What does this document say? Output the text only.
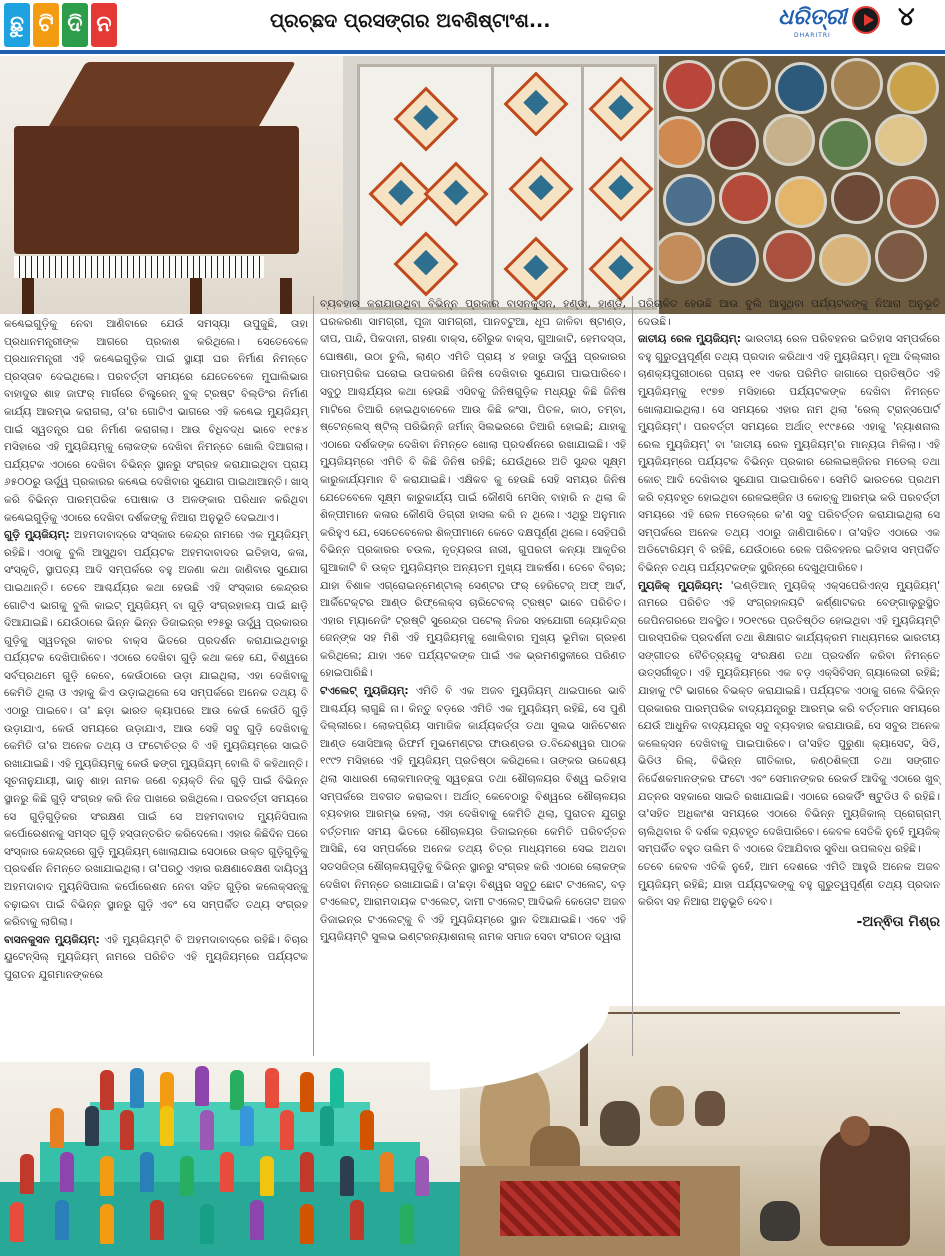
ଛୁ ଟି ଦି ନ	ପ୍ରଚ୍ଛଦ ପ୍ରସଙ୍ଗର ଅବଶିଷ୍ଟାଂଶ...	ଧରିତ୍ରୀ
DHARITRI
୪

କଣ୍ଢେଇଗୁଡ଼ିକୁ ନେବା ଆଣିବାରେ ଯେଉଁ ସମସ୍ୟା ଉପୁଜୁଛି, ତାହା ପ୍ରଧାନମନ୍ତ୍ରୀଙ୍କ ଆଗରେ ପ୍ରକାଶ କରିଥିଲେ। ସେତେବେଳେ ପ୍ରଧାନମନ୍ତ୍ରୀ ଏହି କଣ୍ଢେଇଗୁଡ଼ିକ ପାଇଁ ସ୍ଥାୟୀ ଘର ନିର୍ମାଣ ନିମନ୍ତେ ପ୍ରସ୍ତାବ ଦେଇଥିଲେ। ପରବର୍ତ୍ତୀ ସମୟରେ ଯେତେବେଳେ ମୁଘାଲିଭାର ବାହାଦୁର ଶାହ ଜାଫର୍ ମାର୍ଗରେ ଚିଲ୍ଡ୍ରେନ୍ ବୁକ୍ ଟ୍ରଷ୍ଟ ବିଲ୍ଡିଂର ନିର୍ମାଣ କାର୍ଯ୍ୟ ଆରମ୍ଭ କରାଗଲା, ତା'ର ଗୋଟିଏ ଭାଗରେ ଏହି କଣ୍ଢେଇ ମ୍ୟୁଜିୟମ୍ ପାଇଁ ସ୍ୱତନ୍ତ୍ର ଘର ନିର୍ମାଣ କରାଗଲା। ଆଉ ବିଧିବଦ୍ଧ ଭାବେ ୧୯୫୪ ମସିହାରେ ଏହି ମ୍ୟୁଜିୟମ୍‌କୁ ଲୋକଙ୍କ ଦେଖିବା ନିମନ୍ତେ ଖୋଲି ଦିଆଗଲା। ପର୍ଯ୍ୟଟକ ଏଠାରେ ଦେଖିବା ବିଭିନ୍ନ ସ୍ଥାନରୁ ସଂଗ୍ରହ କରାଯାଇଥିବା ପ୍ରାୟ ୬୫୦୦ରୁ ଊର୍ଦ୍ଧ୍ୱ ପ୍ରକାରର କଣ୍ଢେଇ ଦେଖିବାର ସୁଯୋଗ ପାଇଥାଆନ୍ତି। ଖାସ୍ କରି ବିଭିନ୍ନ ପାରମ୍ପରିକ ପୋଷାକ ଓ ଅଳଙ୍କାର ପରିଧାନ କରିଥିବା କଣ୍ଢେଇଗୁଡ଼ିକୁ ଏଠାରେ ଦେଖିବା ଦର୍ଶକଙ୍କୁ ନିଆରା ଅନୁଭୂତି ଦେଇଥାଏ।

ଗୁଡ଼ି ମ୍ୟୁଜିୟମ୍: ଅହମଦାବାଦ୍‌ରେ ସଂସ୍କାର କେନ୍ଦ୍ର ନାମରେ ଏକ ମ୍ୟୁଜିୟମ୍ ରହିଛି। ଏଠାକୁ ବୁଲି ଆସୁଥିବା ପର୍ଯ୍ୟଟକ ଅହମଦାବାଦର ଇତିହାସ, କଳା, ସଂସ୍କୃତି, ସ୍ଥାପତ୍ୟ ଆଦି ସମ୍ପର୍କରେ ବହୁ ଅଜଣା କଥା ଜାଣିବାର ସୁଯୋଗ ପାଇଥାନ୍ତି। ତେବେ ଆଶ୍ଚର୍ଯ୍ୟର କଥା ହେଉଛି ଏହି ସଂସ୍କାର କେନ୍ଦ୍ରର ଗୋଟିଏ ଭାଗକୁ ବୁଲି କାଇଟ୍ ମ୍ୟୁଜିୟମ୍ ବା ଗୁଡ଼ି ସଂଗ୍ରହାଳୟ ପାଇଁ ଛାଡ଼ି ଦିଆଯାଇଛି। ଯେଉଁଠାରେ ଭିନ୍ନ ଭିନ୍ନ ଡିଜାଇନ୍‌ର ୧୨୫ରୁ ଊର୍ଦ୍ଧ୍ୱ ପ୍ରକାରର ଗୁଡ଼ିକୁ ସ୍ୱତନ୍ତ୍ର କାଚର ବାକ୍ସ ଭିତରେ ପ୍ରଦର୍ଶନ କରାଯାଇଥିବାରୁ ପର୍ଯ୍ୟଟକ ଦେଖିପାରିବେ। ଏଠାରେ ଦେଖିବା ଗୁଡ଼ି କଥା କହେ ଯେ, ବିଶ୍ୱରେ ସର୍ବପ୍ରଥମେ ଗୁଡ଼ି କେବେ, କେଉଁଠାରେ ଉଡ଼ା ଯାଇଥିଲା, ଏହା ଦେଖିବାକୁ କେମିତି ଥିଲା ଓ ଏହାକୁ କିଏ ଉଡ଼ାଇଥିଲେ ସେ ସମ୍ପର୍କରେ ଅନେକ ତଥ୍ୟ ବି ଏଠାରୁ ପାଇବେ। ତା' ଛଡ଼ା ଭାରତ କ୍ୟାପରେ ଆଉ କେଉଁ କେଉଁଠି ଗୁଡ଼ି ଉଡ଼ାଯାଏ, କେଉଁ ସମୟରେ ଉଡ଼ାଯାଏ, ଆଉ ସେହି ସବୁ ଗୁଡ଼ି ଦେଖିବାକୁ କେମିତି ତା'ର ଅନେକ ତଥ୍ୟ ଓ ଫଟୋଚିତ୍ର ବି ଏହି ମ୍ୟୁଜିୟମ୍‌ରେ ସାଇତି ରଖାଯାଇଛି। ଏହି ମ୍ୟୁଜିୟମ୍‌କୁ କେଉଁ ଢଙ୍ଗ ମ୍ୟୁଜିୟମ୍ ବୋଲି ବି କହିଥାନ୍ତି। ସୂଚନାନୁଯାୟୀ, ଭାନୁ ଶାହା ନାମକ ଜଣେ ବ୍ୟକ୍ତି ନିଜ ଗୁଡ଼ି ପାଇଁ ବିଭିନ୍ନ ସ୍ଥାନରୁ କିଛି ଗୁଡ଼ି ସଂଗ୍ରହ କରି ନିଜ ପାଖରେ ରଖିଥିଲେ। ପରବର୍ତ୍ତୀ ସମୟରେ ସେ ଗୁଡ଼ିଗୁଡ଼ିକର ସଂରକ୍ଷଣ ପାଇଁ ସେ ଅହମଦାବାଦ ମ୍ୟୁନିସିପାଲ କର୍ପୋରେଶନକୁ ସମସ୍ତ ଗୁଡ଼ି ହସ୍ତାନ୍ତରିତ କରିଦେଲେ। ଏହାର କିଛିଦିନ ପରେ ସଂସ୍କାର କେନ୍ଦ୍ରରେ ଗୁଡ଼ି ମ୍ୟୁଜିୟମ୍ ଖୋଲାଯାଇ ସେଠାରେ ଉକ୍ତ ଗୁଡ଼ିଗୁଡ଼ିକୁ ପ୍ରଦର୍ଶନ ନିମନ୍ତେ ରଖାଯାଇଥିଲା। ତା'ପରଠୁ ଏହାର ରକ୍ଷଣାବେକ୍ଷଣ ଦାୟିତ୍ୱ ଅହମଦାବାଦ ମ୍ୟୁନିସିପାଲ କର୍ପୋରେଶନ ନେବା ସହିତ ଗୁଡ଼ିର କଲେକ୍ସନ୍‌କୁ ବଢ଼ାଇବା ପାଇଁ ବିଭିନ୍ନ ସ୍ଥାନରୁ ଗୁଡ଼ି ଏବଂ ସେ ସମ୍ପର୍କିତ ତଥ୍ୟ ସଂଗ୍ରହ କରିବାକୁ ଲାଗିଲା।

ବାସନକୁସନ ମ୍ୟୁଜିୟମ୍: ଏହି ମ୍ୟୁଜିୟମ୍‌ଟି ବି ଅହମଦାବାଦ୍‌ରେ ରହିଛି। ବିଚାର ୟୁଟେନ୍‌ସିଲ୍ ମ୍ୟୁଜିୟମ୍ ନାମରେ ପରିଚିତ ଏହି ମ୍ୟୁଜିୟମ୍‌ରେ ପର୍ଯ୍ୟଟକ ପୁରାତନ ଯୁଗମାନଙ୍କରେ

ବ୍ୟବହାର କରାଯାଉଥିବା ବିଭିନ୍ନ ପ୍ରକାର ବାସନକୁସନ, ହଣ୍ଡା, ହାଣ୍ଡି, ଘରକରଣା ସାମଗ୍ରୀ, ପୂଜା ସାମଗ୍ରୀ, ପାନବଟୁଆ, ଧୂପ ଜାଳିବା ଷ୍ଟାଣ୍ଡ, ଦୀପ, ପାନ୍ଦି, ପିକଦାନୀ, ଗହଣା ବାକ୍ସ, ଚୌରୁକ ବାକ୍ସ, ଗୁଆକାଟି, ହେମଦସ୍ତା, ଘୋଷଣା, ଉଠା ଚୁଲି, ଲାଣ୍ଠ ଏମିତି ପ୍ରାୟ ୪ ହଜାରୁ ଊର୍ଦ୍ଧ୍ୱ ପ୍ରକାରର ପାରମ୍ପରିକ ଘରୋଇ ଉପକରଣ ଜିନିଷ ଦେଖିବାର ସୁଯୋଗ ପାଇପାରିବେ। ସବୁଠୁ ଆଶ୍ଚର୍ଯ୍ୟର କଥା ହେଉଛି ଏସିବକୁ ଜିନିଷଗୁଡ଼ିକ ମଧ୍ୟରୁ କିଛି ଜିନିଷ ମାଟିରେ ତିଆରି ହୋଇଥିବାବେଳେ ଆଉ କିଛି କଂସା, ପିତଳ, କାଠ, ତମ୍ବା, ଷ୍ଟେନ୍‌ଲେସ୍ ଷ୍ଟିଲ୍ ପରିଭିନ୍ନି ଜର୍ମାନ୍ ସିଲଭରରେ ତିଆରି ହୋଇଛି; ଯାହାକୁ ଏଠାରେ ଦର୍ଶକଙ୍କ ଦେଖିବା ନିମନ୍ତେ ଖୋଲା ପ୍ରଦର୍ଶନରେ ରଖାଯାଇଛି। ଏହି ମ୍ୟୁଜିୟମ୍‌ରେ ଏମିତି ବି କିଛି ଜିନିଷ ରହିଛି; ଯେଉଁଥିରେ ଅତି ସୁନ୍ଦର ସୂକ୍ଷ୍ମ କାରୁକାର୍ଯ୍ୟମାନ ବି କରାଯାଇଛି। ଏକ୍ଷିକବ କୁ ହେଉଛି ସେହି ସମୟର ଜିନିଷ ଯେତେବେଳେ ସୂକ୍ଷ୍ମ କାରୁକାର୍ଯ୍ୟ ପାଇଁ କୌଣସି ମେସିନ୍ ବାହାରି ନ ଥିଲା କି ଶିଳ୍ପୀମାନେ କଳାର କୌଣସି ଡିଗ୍ରୀ ହାସଲ କରି ନ ଥିଲେ। ଏଥିରୁ ଅନୁମାନ କରିହୁଏ ଯେ, ସେତେବେଳେର ଶିଳ୍ପୀମାନେ କେତେ ଦକ୍ଷପୂର୍ଣ୍ଣ ଥିଲେ। ସେହିପରି ବିଭିନ୍ନ ପ୍ରକାରର ଚଉଲ, ନୃତ୍ୟରତା ନାରୀ, ଗୁପରତୀ କନ୍ୟା ଆକୃତିର ଗୁଆକାଟି ବି ଉକ୍ତ ମ୍ୟୁଜିୟମ୍‌ର ଅନ୍ୟତମ ମୁଖ୍ୟ ଆକର୍ଷଣ। ତେବେ ବିଚାର; ଯାହା ବିଶାଳ ଏଗ୍ରୋଇନ୍‌ମେଣ୍ଟାଲ୍ ସେଣ୍ଟର ଫର୍ ହେରିଟେଜ୍ ଅଫ୍ ଆର୍ଟ, ଆର୍କିଟେକ୍ଟର ଆଣ୍ଡ ରିଫ୍ଲେକ୍ସ ଚାରିଟେବଲ୍ ଟ୍ରଷ୍ଟ ଭାବେ ପରିଚିତ। ଏହାର ମ୍ୟାନେଜିଂ ଟ୍ରଷ୍ଟି ସୁରେନ୍ଦ୍ର ପଟେଲ୍ ନିଜର ସହଯୋଗୀ ଜ୍ୟୋତିନ୍ଦ୍ର ଜେନ୍‌ଙ୍କ ସହ ମିଶି ଏହି ମ୍ୟୁଜିୟମ୍‌କୁ ଖୋଲିବାର ମୁଖ୍ୟ ଭୂମିକା ଗ୍ରହଣ କରିଥିଲେ; ଯାହା ଏବେ ପର୍ଯ୍ୟଟକଙ୍କ ପାଇଁ ଏକ ଭ୍ରମଣସ୍ଥଳୀରେ ପରିଣତ ହୋଇପାରିଛି।

ଟଏଲେଟ୍ ମ୍ୟୁଜିୟମ୍: ଏମିତି ବି ଏକ ଅଜବ ମ୍ୟୁଜିୟମ୍ ଥାଇପାରେ ଭାବି ଆଶ୍ଚର୍ଯ୍ୟ ଲାଗୁଛି ନା। କିନ୍ତୁ ବଡ଼ରେ ଏମିତି ଏକ ମ୍ୟୁଜିୟମ୍ ରହିଛି, ସେ ପୁଣି ଦିଲ୍ଲୀରେ। ଲୋକପ୍ରିୟ ସାମାଜିକ କାର୍ଯ୍ୟକର୍ତ୍ତା ତଥା ସୁଲଭ ସାନିଟେଶନ ଆଣ୍ଡ ସୋସିଆଲ୍ ରିଫର୍ମ ମୁଭମେଣ୍ଟର ଫାଉଣ୍ଡର ଡ.ବିନ୍ଦେଶ୍ୱର ପାଠକ ୧୯୯୨ ମସିହାରେ ଏହି ମ୍ୟୁଜିୟମ୍ ପ୍ରତିଷ୍ଠା କରିଥିଲେ। ତାଙ୍କର ଉଦ୍ଦେଶ୍ୟ ଥିଲା ସାଧାରଣ ଲୋକମାନଙ୍କୁ ସ୍ୱଚ୍ଛତା ତଥା ଶୌଚାଳୟର ବିଶ୍ୱ ଇତିହାସ ସମ୍ପର୍କରେ ଅବଗତ କରାଇବା। ଅର୍ଥାତ୍ କେବେଠାରୁ ବିଶ୍ୱରେ ଶୌଚାଳୟର ବ୍ୟବହାର ଆରମ୍ଭ ହେଲା, ଏହା ଦେଖିବାକୁ କେମିତି ଥିଲା, ପୁରାତନ ଯୁଗରୁ ବର୍ତ୍ତମାନ ସମୟ ଭିତରେ ଶୌଚାଳୟର ଡିଜାଇନ୍‌ରେ କେମିତି ପରିବର୍ତ୍ତନ ଆସିଛି, ସେ ସମ୍ପର୍କରେ ଅନେକ ତଥ୍ୟ ଚିତ୍ର ମାଧ୍ୟମରେ ସେଇ ଅଥବା ସତସଜିତ୍ତା ଶୌଚାଳୟଗୁଡ଼ିକୁ ବିଭିନ୍ନ ସ୍ଥାନରୁ ସଂଗ୍ରହ କରି ଏଠାରେ ଲୋକଙ୍କ ଦେଖିବା ନିମନ୍ତେ ରଖାଯାଇଛି। ତା'ଛଡ଼ା ବିଶ୍ୱର ସବୁଠୁ ଛୋଟ ଟଏଲେଟ୍, ବଡ଼ ଟଏଲେଟ୍, ଆରାମଦାୟକ ଟଏଲେଟ୍, ଦାମୀ ଟଏଲେଟ୍ ଆଦିଭଳି କେତୋଟ ଅଜବ ଡିଜାଇନ୍‌ର ଟଏଲେଟ୍‌କୁ ବି ଏହି ମ୍ୟୁଜିୟମ୍‌ରେ ସ୍ଥାନ ଦିଆଯାଇଛି। ଏବେ ଏହି ମ୍ୟୁଜିୟମ୍‌ଟି ସୁଲଭ ଇଣ୍ଟରନ୍ୟାଶନାଲ୍ ନାମକ ସମାଜ ସେବା ସଂଗଠନ ଦ୍ୱାରା

ପରିଚାଳିତ ହେଉଛି ଆଉ ବୁଲି ଆସୁଥିବା ପର୍ଯ୍ୟଟକଙ୍କୁ ନିଆରା ଅନୁଭୂତି ଦେଉଛି।

ଜାତୀୟ ରେଳ ମ୍ୟୁଜିୟମ୍: ଭାରତୀୟ ରେଳ ପରିବହନର ଇତିହାସ ସମ୍ପର୍କରେ ବହୁ ଗୁରୁତ୍ୱପୂର୍ଣ୍ଣ ତଥ୍ୟ ପ୍ରଦାନ କରିଥାଏ ଏହି ମ୍ୟୁଜିୟମ୍। ନୂଆ ଦିଲ୍ଲୀର ଚାଣକ୍ୟପୁରୀଠାରେ ପ୍ରାୟ ୧୧ ଏକର ପରିମିତ ଜାଗାରେ ପ୍ରତିଷ୍ଠିତ ଏହି ମ୍ୟୁଜିୟମ୍‌କୁ ୧୯୭୭ ମସିହାରେ ପର୍ଯ୍ୟଟକଙ୍କ ଦେଖିବା ନିମନ୍ତେ ଖୋଲାଯାଇଥିଲା। ସେ ସମୟରେ ଏହାର ନାମ ଥିଲା 'ରେଲ୍ ଟ୍ରାନ୍ସପୋର୍ଟ ମ୍ୟୁଜିୟମ୍'। ପରବର୍ତ୍ତୀ ସମୟରେ ଅର୍ଥାତ୍ ୧୯୯୫ରେ ଏହାକୁ 'ନ୍ୟାଶନାଲ ରେଲ ମ୍ୟୁଜିୟମ୍' ବା 'ଜାତୀୟ ରେଳ ମ୍ୟୁଜିୟମ୍'ର ମାନ୍ୟତା ମିଳିଲା। ଏହି ମ୍ୟୁଜିୟମ୍‌ରେ ପର୍ଯ୍ୟଟକ ବିଭିନ୍ନ ପ୍ରକାର ରେଲଇଞ୍ଜିନର ମଡେଲ୍ ତଥା କୋଚ୍ ଆଦି ଦେଖିବାର ସୁଯୋଗ ପାଇପାରିବେ। ସେମିତି ଭାରତରେ ପ୍ରଥମ କରି ବ୍ୟବହୃତ ହୋଇଥିବା ରେଳଇଞ୍ଜିନ ଓ କୋଚ୍‌କୁ ଆରମ୍ଭ କରି ପରବର୍ତ୍ତୀ ସମୟରେ ଏହି ରେଳ ମଡେଲ୍‌ରେ କ'ଣ ସବୁ ପରିବର୍ତ୍ତନ କରାଯାଇଥିଲା ସେ ସମ୍ପର୍କରେ ଅନେକ ତଥ୍ୟ ଏଠାରୁ ଜାଣିପାରିବେ। ତା'ସହିତ ଏଠାରେ ଏକ ଅଡିଟୋରିୟମ୍ ବି ରହିଛି, ଯେଉଁଠାରେ ରେଳ ପରିବହନର ଇତିହାସ ସମ୍ପର୍କିତ ବିଭିନ୍ନ ତଥ୍ୟ ପର୍ଯ୍ୟଟକଙ୍କ ସ୍କ୍ରିନ୍‌ରେ ଦେଖୁଥିପାରିବେ।

ମ୍ୟୁଜିକ୍ ମ୍ୟୁଜିୟମ୍: 'ଇଣ୍ଡିଆନ୍ ମ୍ୟୁଜିକ୍ ଏକ୍ସପେରିଏନ୍ସ ମ୍ୟୁଜିୟମ୍' ନାମରେ ପରିଚିତ ଏହି ସଂଗ୍ରହାଳୟଟି କର୍ଣ୍ଣାଟକର ବେଙ୍ଗାଲୁରୁସ୍ଥିତ ଜେପିନଗରରେ ଅବସ୍ଥିତ। ୨୦୧୯ରେ ପ୍ରତିଷ୍ଠିତ ହୋଇଥିବା ଏହି ମ୍ୟୁଜିୟମ୍‌ଟି ପାରସ୍ପରିକ ପ୍ରଦର୍ଶନୀ ତଥା ଶିକ୍ଷାଗତ କାର୍ଯ୍ୟକ୍ରମ ମାଧ୍ୟମରେ ଭାରତୀୟ ସଙ୍ଗୀତର ବୈଚିତ୍ର୍ୟକୁ ସଂରକ୍ଷଣ ତଥା ପ୍ରଦର୍ଶନ କରିବା ନିମନ୍ତେ ଉତ୍ସର୍ଗୀକୃତ। ଏହି ମ୍ୟୁଜିୟମ୍‌ରେ ଏକ ବଡ଼ ଏକ୍ସିବିସନ୍ ଗ୍ୟାଲେରୀ ରହିଛି; ଯାହାକୁ ୯ଟି ଭାଗରେ ବିଭକ୍ତ କରାଯାଇଛି। ପର୍ଯ୍ୟଟକ ଏଠାକୁ ଗଲେ ବିଭିନ୍ନ ପ୍ରକାରର ପାରମ୍ପରିକ ବାଦ୍ୟଯନ୍ତ୍ରରୁ ଆରମ୍ଭ କରି ବର୍ତ୍ତମାନ ସମୟରେ ଯେଉଁ ଆଧୁନିକ ବାଦ୍ୟଯନ୍ତ୍ର ସବୁ ବ୍ୟବହାର କରାଯାଉଛି, ସେ ସବୁର ଅନେକ କଲେକ୍ସନ ଦେଖିବାକୁ ପାଇପାରିବେ। ତା'ସହିତ ପୁରୁଣା କ୍ୟାସେଟ୍, ସିଡି, ଭିଡିଓ ରିଲ୍, ବିଭିନ୍ନ ଗୀତିକାର, କଣ୍ଠଶିଳ୍ପୀ ତଥା ସଙ୍ଗୀତ ନିର୍ଦ୍ଦେଶକମାନଙ୍କର ଫଟୋ ଏବଂ ସେମାନଙ୍କର ରେକର୍ଡ ଆଦିକୁ ଏଠାରେ ଖୁବ୍ ଯତ୍ନର ସହକାରେ ସାଇତି ରଖାଯାଇଛି। ଏଠାରେ ରେକର୍ଡିଂ ଷ୍ଟୁଡିଓ ବି ରହିଛି। ତା'ସହିତ ଅଧିକାଂଶ ସମୟରେ ଏଠାରେ ବିଭିନ୍ନ ମ୍ୟୁଜିକାଲ୍ ପ୍ରୋଗ୍ରାମ୍ ଚାଲିଥିବାର ବି ଦର୍ଶକ ବ୍ୟବହୃତ ଦେଖିପାରିବେ। କେବଳ ସେତିକି ନୁହେଁ ମ୍ୟୁଜିକ୍ ସମ୍ପର୍କିତ ବହୁତ ତାଲିମ ବି ଏଠାରେ ଦିଆଯିବାର ସୁବିଧା ଉପଲବ୍ଧ ରହିଛି।

ତେବେ କେବଳ ଏତିକି ନୁହେଁ, ଆମ ଦେଶରେ ଏମିତି ଆହୁରି ଅନେକ ଅଜବ ମ୍ୟୁଜିୟମ୍ ରହିଛି; ଯାହା ପର୍ଯ୍ୟଟକଙ୍କୁ ବହୁ ଗୁରୁତ୍ୱପୂର୍ଣ୍ଣ ତଥ୍ୟ ପ୍ରଦାନ କରିବା ସହ ନିଆରା ଅନୁଭୂତି ଦେବ।

-ଅନ୍ଵିତା ମିଶ୍ର
